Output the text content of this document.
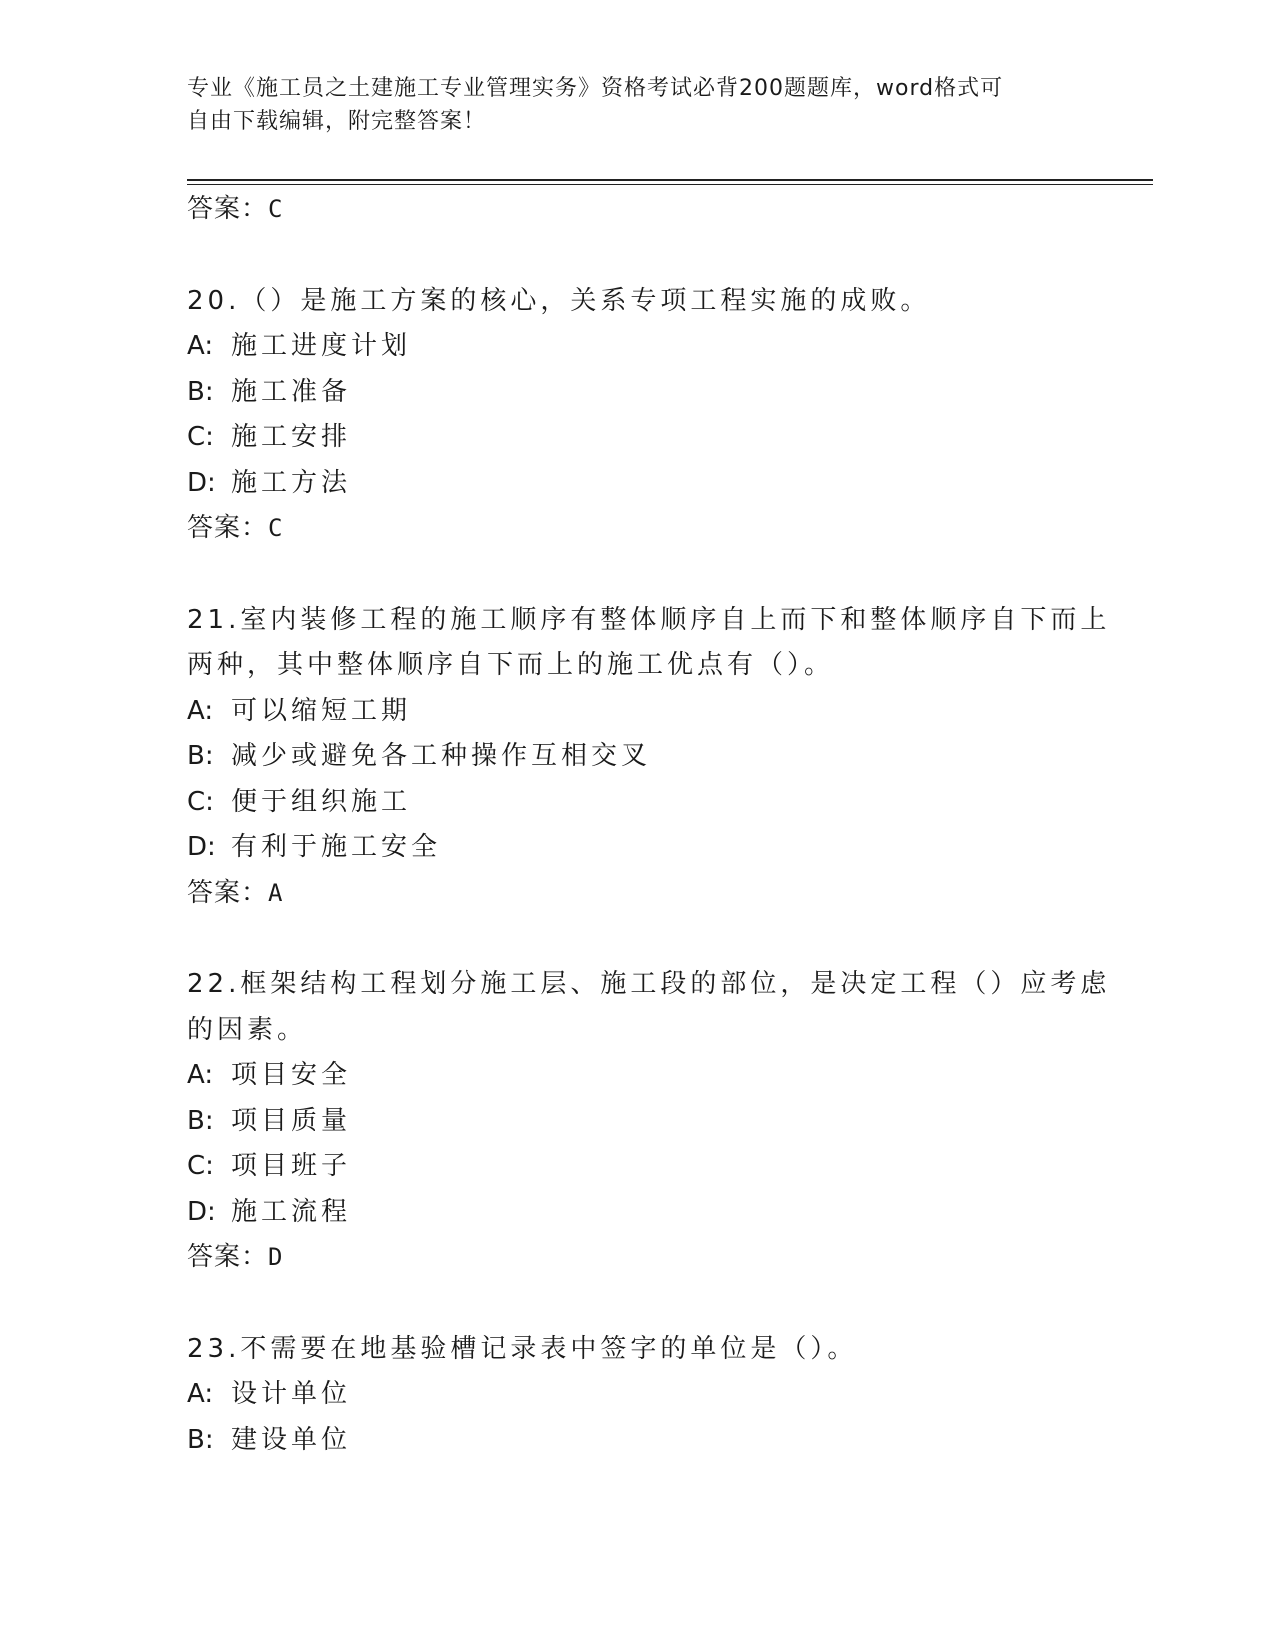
专业《施工员之土建施工专业管理实务》资格考试必背200题题库，word格式可
自由下载编辑，附完整答案！
答案：C
20.（）是施工方案的核心，关系专项工程实施的成败。
A: 施工进度计划
B: 施工准备
C: 施工安排
D: 施工方法
答案：C
21.室内装修工程的施工顺序有整体顺序自上而下和整体顺序自下而上
两种，其中整体顺序自下而上的施工优点有（）。
A: 可以缩短工期
B: 减少或避免各工种操作互相交叉
C: 便于组织施工
D: 有利于施工安全
答案：A
22.框架结构工程划分施工层、施工段的部位，是决定工程（）应考虑
的因素。
A: 项目安全
B: 项目质量
C: 项目班子
D: 施工流程
答案：D
23.不需要在地基验槽记录表中签字的单位是（）。
A: 设计单位
B: 建设单位
